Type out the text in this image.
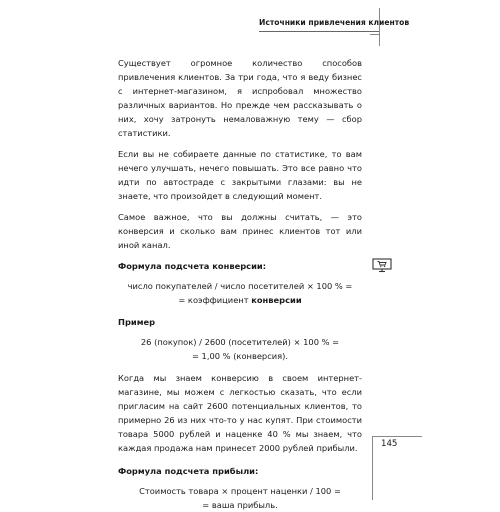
Источники привлечения клиентов

Существует огромное количество способов привлечения клиентов. За три года, что я веду бизнес с интернет-магазином, я испробовал множество различных вариантов. Но прежде чем рассказывать о них, хочу затронуть немаловажную тему — сбор статистики.

Если вы не собираете данные по статистике, то вам нечего улучшать, нечего повышать. Это все равно что идти по автостраде с закрытыми глазами: вы не знаете, что произойдет в следующий момент.

Самое важное, что вы должны считать, — это конверсия и сколько вам принес клиентов тот или иной канал.

Формула подсчета конверсии:

число покупателей / число посетителей × 100 % =

= коэффициент конверсии

Пример

26 (покупок) / 2600 (посетителей) × 100 % =

= 1,00 % (конверсия).

Когда мы знаем конверсию в своем интернет-магазине, мы можем с легкостью сказать, что если пригласим на сайт 2600 потенциальных клиентов, то примерно 26 из них что-то у нас купят. При стоимости товара 5000 рублей и наценке 40 % мы знаем, что каждая продажа нам принесет 2000 рублей прибыли.

Формула подсчета прибыли:

Стоимость товара × процент наценки / 100 =

= ваша прибыль.

145
